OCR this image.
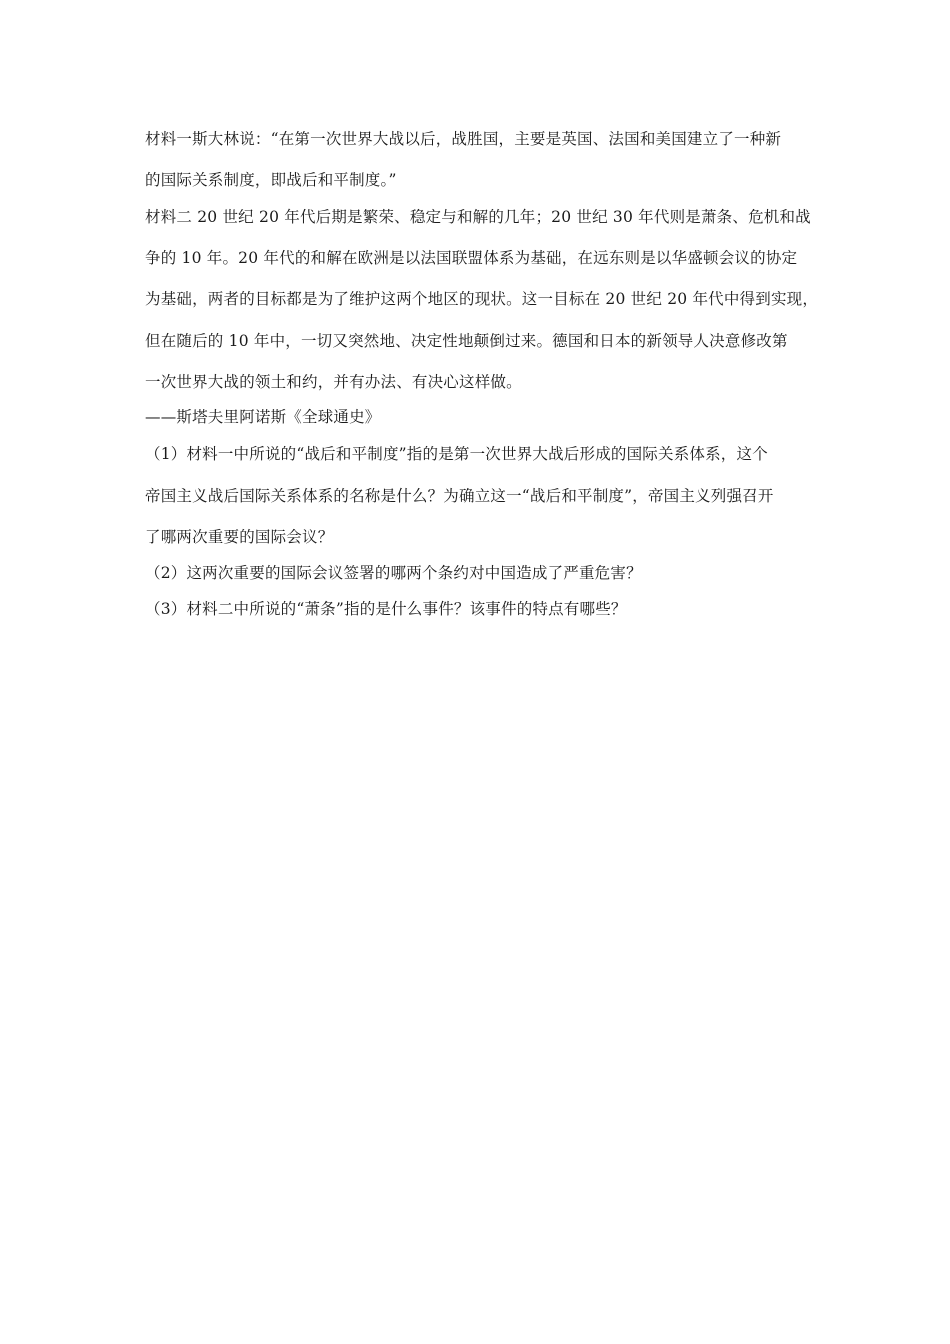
材料一斯大林说：“在第一次世界大战以后，战胜国，主要是英国、法国和美国建立了一种新
的国际关系制度，即战后和平制度。”
材料二 20 世纪 20 年代后期是繁荣、稳定与和解的几年；20 世纪 30 年代则是萧条、危机和战
争的 10 年。20 年代的和解在欧洲是以法国联盟体系为基础，在远东则是以华盛顿会议的协定
为基础，两者的目标都是为了维护这两个地区的现状。这一目标在 20 世纪 20 年代中得到实现，
但在随后的 10 年中，一切又突然地、决定性地颠倒过来。德国和日本的新领导人决意修改第
一次世界大战的领土和约，并有办法、有决心这样做。
——斯塔夫里阿诺斯《全球通史》
（1）材料一中所说的“战后和平制度”指的是第一次世界大战后形成的国际关系体系，这个
帝国主义战后国际关系体系的名称是什么？为确立这一“战后和平制度”，帝国主义列强召开
了哪两次重要的国际会议？
（2）这两次重要的国际会议签署的哪两个条约对中国造成了严重危害？
（3）材料二中所说的“萧条”指的是什么事件？该事件的特点有哪些？
